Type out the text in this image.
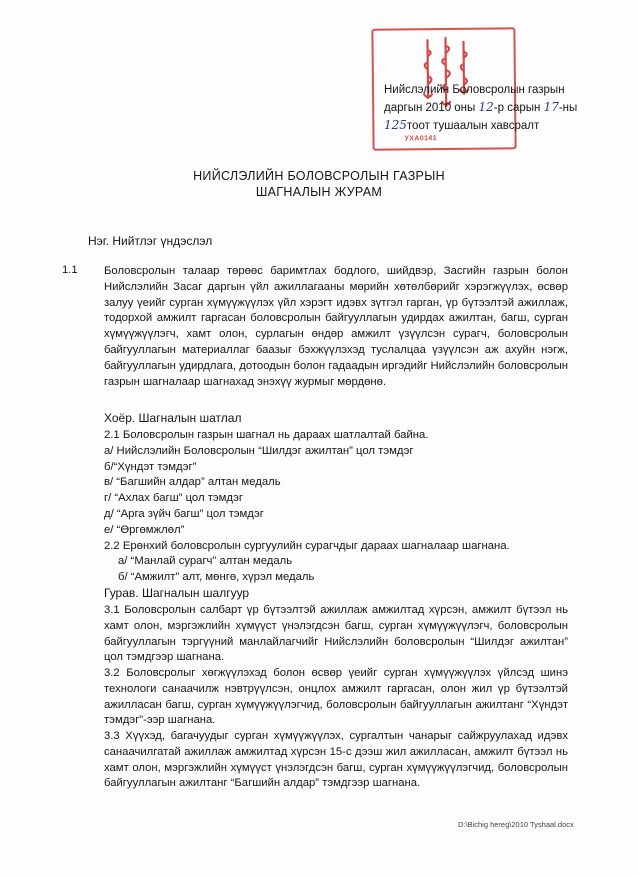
УХА0141
Нийслэлийн Боловсролын газрын
даргын 2010 оны 12-р сарын 17-ны
125тоот тушаалын хавсралт
НИЙСЛЭЛИЙН БОЛОВСРОЛЫН ГАЗРЫН
ШАГНАЛЫН ЖУРАМ
Нэг. Нийтлэг үндэслэл
1.1 Боловсролын талаар төрөөс баримтлах бодлого, шийдвэр, Засгийн газрын болон Нийслэлийн Засаг даргын үйл ажиллагааны мөрийн хөтөлбөрийг хэрэгжүүлэх, өсвөр залуу үеийг сурган хүмүүжүүлэх үйл хэрэгт идэвх зүтгэл гарган, үр бүтээлтэй ажиллаж, тодорхой амжилт гаргасан боловсролын байгууллагын удирдах ажилтан, багш, сурган хүмүүжүүлэгч, хамт олон, сурлагын өндөр амжилт үзүүлсэн сурагч, боловсролын байгууллагын материаллаг баазыг бэхжүүлэхэд туслалцаа үзүүлсэн аж ахуйн нэгж, байгууллагын удирдлага, дотоодын болон гадаадын иргэдийг Нийслэлийн боловсролын газрын шагналаар шагнахад энэхүү журмыг мөрдөнө.
Хоёр. Шагналын шатлал
2.1 Боловсролын газрын шагнал нь дараах шатлалтай байна.
а/ Нийслэлийн Боловсролын “Шилдэг ажилтан” цол тэмдэг
б/“Хүндэт тэмдэг”
в/ “Багшийн алдар” алтан медаль
г/ “Ахлах багш” цол тэмдэг
д/ “Арга зүйч багш” цол тэмдэг
е/ “Өргөмжлөл”
2.2 Ерөнхий боловсролын сургуулийн сурагчдыг дараах шагналаар шагнана.
а/ “Манлай сурагч” алтан медаль
б/ “Амжилт” алт, мөнгө, хүрэл медаль
Гурав. Шагналын шалгуур
3.1 Боловсролын салбарт үр бүтээлтэй ажиллаж амжилтад хүрсэн, амжилт бүтээл нь хамт олон, мэргэжлийн хүмүүст үнэлэгдсэн багш, сурган хүмүүжүүлэгч, боловсролын байгууллагын тэргүүний манлайлагчийг Нийслэлийн боловсролын “Шилдэг ажилтан” цол тэмдгээр шагнана.
3.2 Боловсролыг хөгжүүлэхэд болон өсвөр үеийг сурган хүмүүжүүлэх үйлсэд шинэ технологи санаачилж нэвтрүүлсэн, онцлох амжилт гаргасан, олон жил үр бүтээлтэй ажилласан багш, сурган хүмүүжүүлэгчид, боловсролын байгууллагын ажилтанг “Хүндэт тэмдэг”-ээр шагнана.
3.3 Хүүхэд, багачуудыг сурган хүмүүжүүлэх, сургалтын чанарыг сайжруулахад идэвх санаачилгатай ажиллаж амжилтад хүрсэн 15-с дээш жил ажилласан, амжилт бүтээл нь хамт олон, мэргэжлийн хүмүүст үнэлэгдсэн багш, сурган хүмүүжүүлэгчид, боловсролын байгууллагын ажилтанг “Багшийн алдар” тэмдгээр шагнана.
D:\Bichig hereg\2010 Tyshaal.docx
